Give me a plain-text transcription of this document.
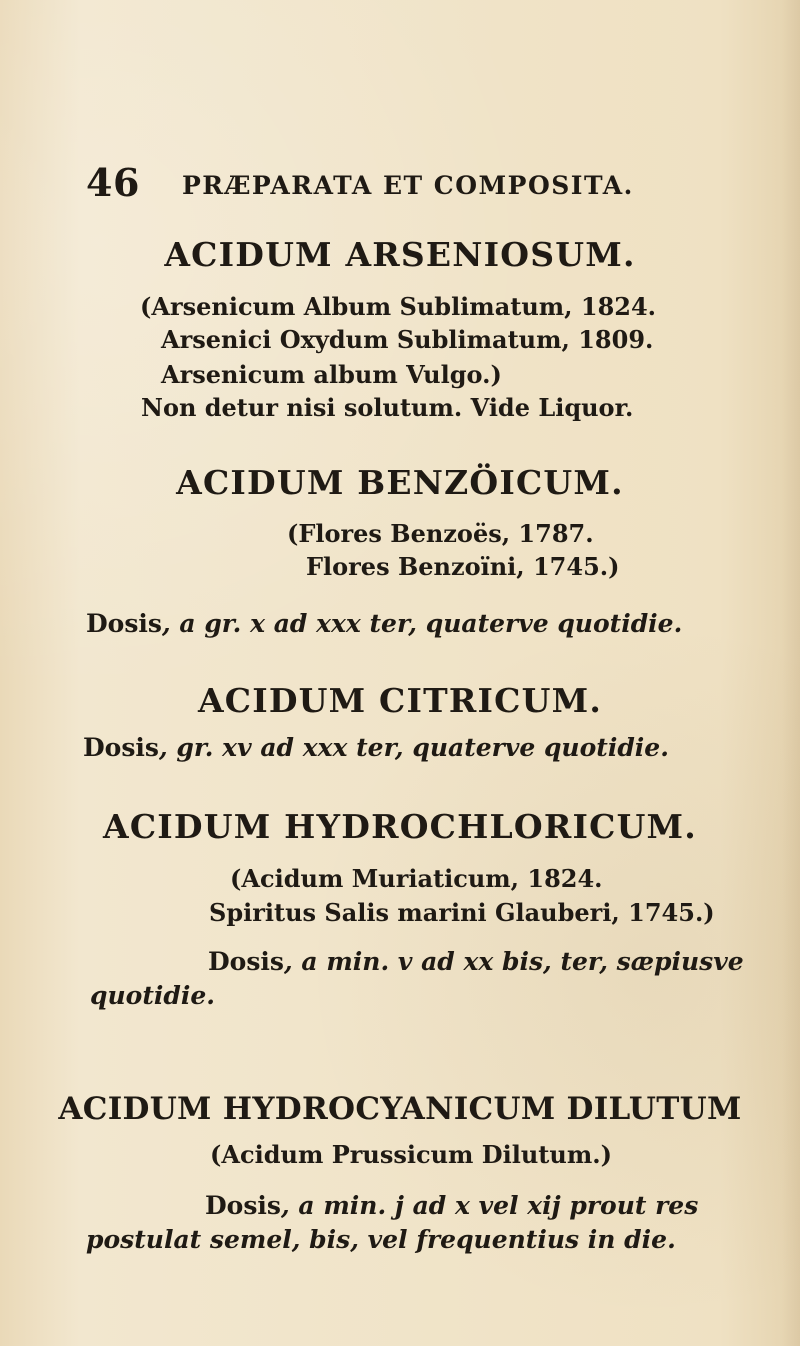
46 PRÆPARATA ET COMPOSITA.
ACIDUM ARSENIOSUM.
(Arsenicum Album Sublimatum, 1824.
Arsenici Oxydum Sublimatum, 1809.
Arsenicum album Vulgo.)
Non detur nisi solutum. Vide Liquor.
ACIDUM BENZÖICUM.
(Flores Benzoës, 1787.
Flores Benzoïni, 1745.)
Dosis, a gr. x ad xxx ter, quaterve quotidie.
ACIDUM CITRICUM.
Dosis, gr. xv ad xxx ter, quaterve quotidie.
ACIDUM HYDROCHLORICUM.
(Acidum Muriaticum, 1824.
Spiritus Salis marini Glauberi, 1745.)
Dosis, a min. v ad xx bis, ter, sæpiusve
quotidie.
ACIDUM HYDROCYANICUM DILUTUM
(Acidum Prussicum Dilutum.)
Dosis, a min. j ad x vel xij prout res
postulat semel, bis, vel frequentius in die.
